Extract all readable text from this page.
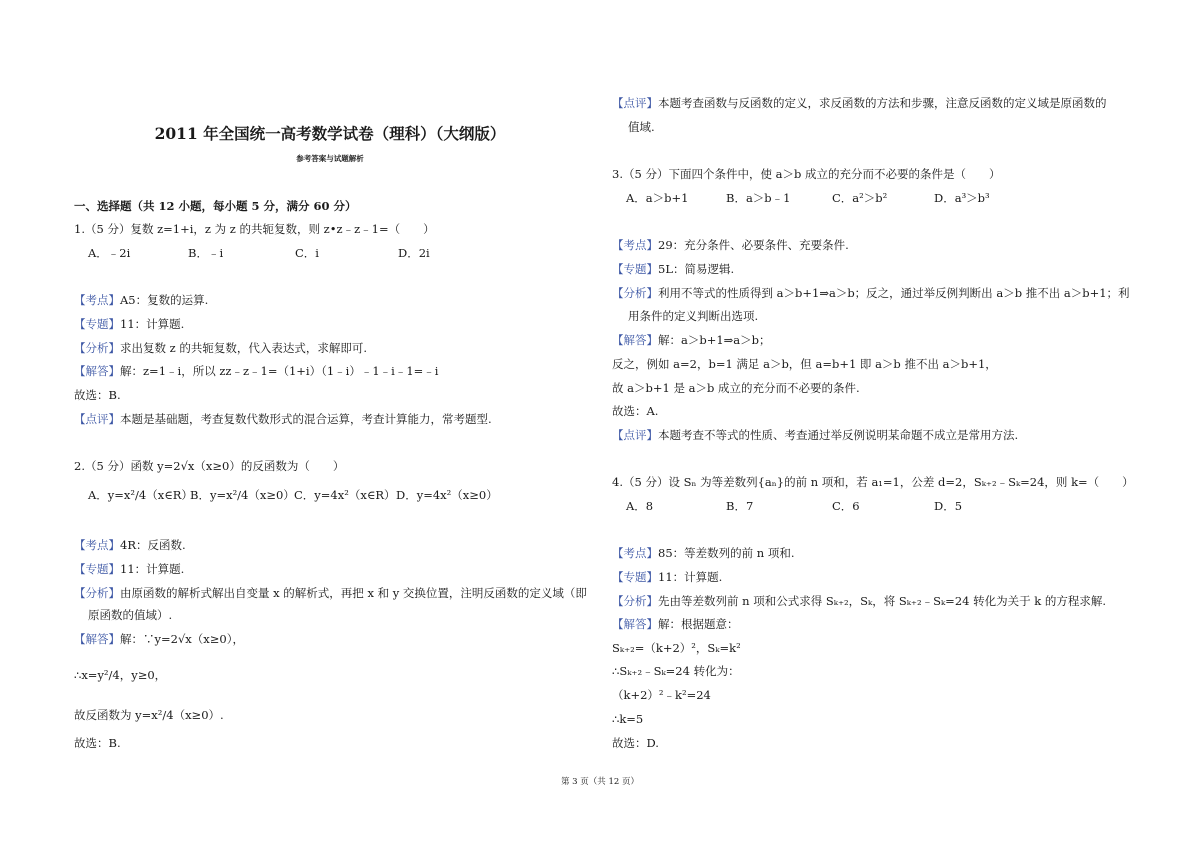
2011 年全国统一高考数学试卷（理科）（大纲版）
参考答案与试题解析
一、选择题（共 12 小题，每小题 5 分，满分 60 分）
1.（5 分）复数 z=1+i，z 为 z 的共轭复数，则 z•z﹣z﹣1=（　　）
A．﹣2i	B．﹣i	C．i	D．2i
【考点】A5：复数的运算.
【专题】11：计算题.
【分析】求出复数 z 的共轭复数，代入表达式，求解即可.
【解答】解：z=1﹣i，所以 zz﹣z﹣1=（1+i）（1﹣i）﹣1﹣i﹣1=﹣i
故选：B.
【点评】本题是基础题，考查复数代数形式的混合运算，考查计算能力，常考题型.
2.（5 分）函数 y=2√x（x≥0）的反函数为（　　）
A．y=x²/4（x∈R）
B．y=x²/4（x≥0） C．y=4x²（x∈R） D．y=4x²（x≥0）
【考点】4R：反函数.
【专题】11：计算题.
【分析】由原函数的解析式解出自变量 x 的解析式，再把 x 和 y 交换位置，注明反函数的定义域（即
原函数的值域）.
【解答】解：∵y=2√x（x≥0），
∴x=y²/4，y≥0，
故反函数为 y=x²/4（x≥0）.
故选：B.
【点评】本题考查函数与反函数的定义，求反函数的方法和步骤，注意反函数的定义域是原函数的
值域.
3.（5 分）下面四个条件中，使 a＞b 成立的充分而不必要的条件是（　　）
A．a＞b+1	B．a＞b﹣1	C．a²＞b²	D．a³＞b³
【考点】29：充分条件、必要条件、充要条件.
【专题】5L：简易逻辑.
【分析】利用不等式的性质得到 a＞b+1⇒a＞b；反之，通过举反例判断出 a＞b 推不出 a＞b+1；利
用条件的定义判断出选项.
【解答】解：a＞b+1⇒a＞b；
反之，例如 a=2，b=1 满足 a＞b，但 a=b+1 即 a＞b 推不出 a＞b+1，
故 a＞b+1 是 a＞b 成立的充分而不必要的条件.
故选：A.
【点评】本题考查不等式的性质、考查通过举反例说明某命题不成立是常用方法.
4.（5 分）设 Sₙ 为等差数列{aₙ}的前 n 项和，若 a₁=1，公差 d=2，Sₖ₊₂﹣Sₖ=24，则 k=（　　）
A．8	B．7	C．6	D．5
【考点】85：等差数列的前 n 项和.
【专题】11：计算题.
【分析】先由等差数列前 n 项和公式求得 Sₖ₊₂，Sₖ，将 Sₖ₊₂﹣Sₖ=24 转化为关于 k 的方程求解.
【解答】解：根据题意：
Sₖ₊₂=（k+2）²，Sₖ=k²
∴Sₖ₊₂﹣Sₖ=24 转化为：
（k+2）²﹣k²=24
∴k=5
故选：D.
第 3 页（共 12 页）
